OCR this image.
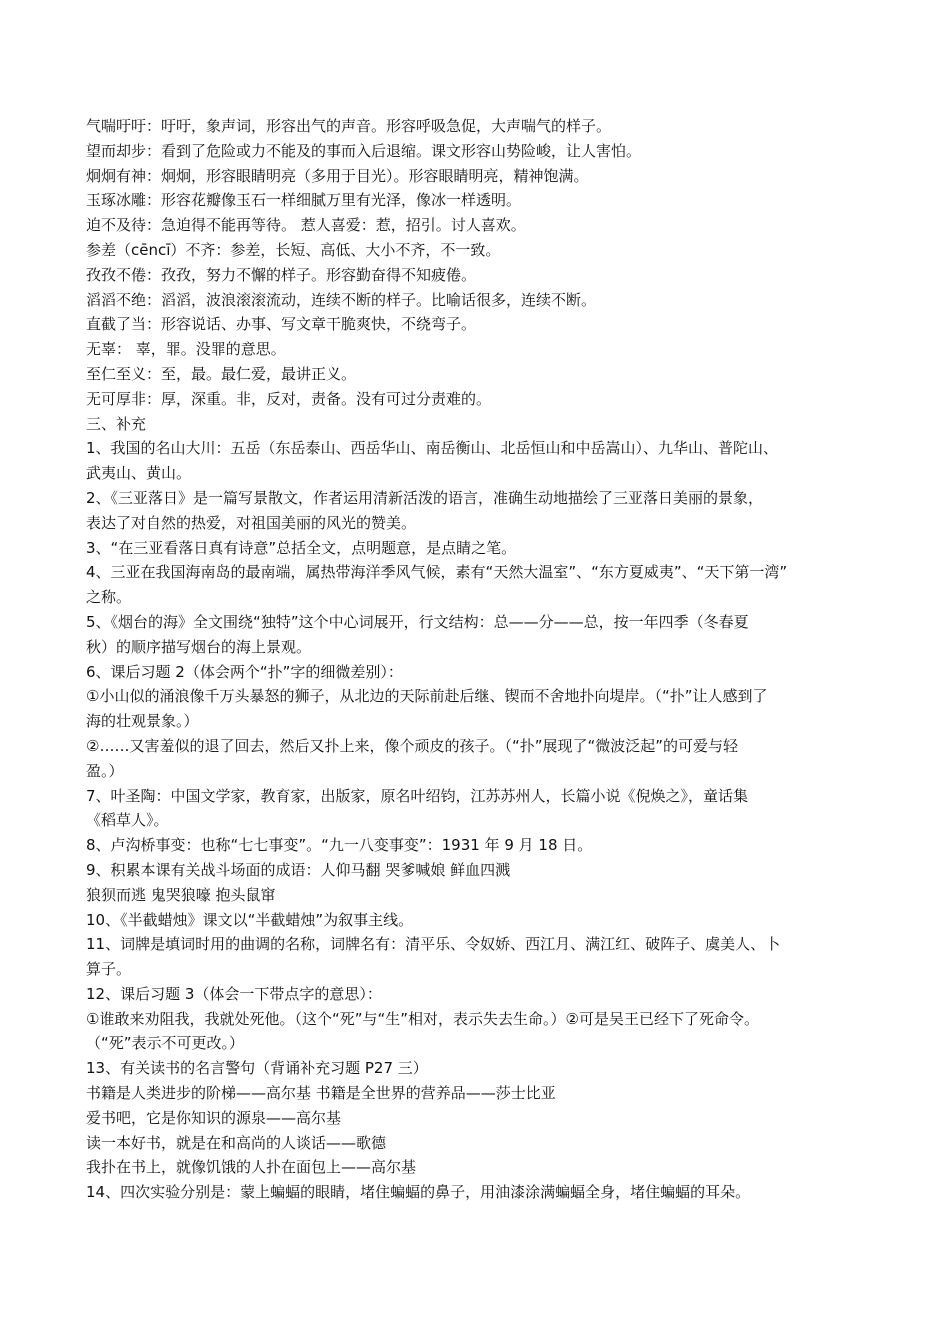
气喘吁吁：吁吁，象声词，形容出气的声音。形容呼吸急促，大声喘气的样子。

望而却步：看到了危险或力不能及的事而入后退缩。课文形容山势险峻，让人害怕。

炯炯有神：炯炯，形容眼睛明亮（多用于目光）。形容眼睛明亮，精神饱满。

玉琢冰雕：形容花瓣像玉石一样细腻万里有光泽，像冰一样透明。

迫不及待：急迫得不能再等待。 惹人喜爱：惹，招引。讨人喜欢。

参差（cēncī）不齐：参差，长短、高低、大小不齐，不一致。

孜孜不倦：孜孜，努力不懈的样子。形容勤奋得不知疲倦。

滔滔不绝：滔滔，波浪滚滚流动，连续不断的样子。比喻话很多，连续不断。

直截了当：形容说话、办事、写文章干脆爽快，不绕弯子。

无辜： 辜，罪。没罪的意思。

至仁至义：至，最。最仁爱，最讲正义。

无可厚非：厚，深重。非，反对，责备。没有可过分责难的。

三、补充

1、我国的名山大川：五岳（东岳泰山、西岳华山、南岳衡山、北岳恒山和中岳嵩山）、九华山、普陀山、

武夷山、黄山。

2、《三亚落日》是一篇写景散文，作者运用清新活泼的语言，准确生动地描绘了三亚落日美丽的景象，

表达了对自然的热爱，对祖国美丽的风光的赞美。

3、“在三亚看落日真有诗意”总括全文，点明题意，是点睛之笔。

4、三亚在我国海南岛的最南端，属热带海洋季风气候，素有“天然大温室”、“东方夏威夷”、“天下第一湾”

之称。

5、《烟台的海》全文围绕“独特”这个中心词展开，行文结构：总——分——总，按一年四季（冬春夏

秋）的顺序描写烟台的海上景观。

6、课后习题 2（体会两个“扑”字的细微差别）：

①小山似的涌浪像千万头暴怒的狮子，从北边的天际前赴后继、锲而不舍地扑向堤岸。（“扑”让人感到了

海的壮观景象。）

②……又害羞似的退了回去，然后又扑上来，像个顽皮的孩子。（“扑”展现了“微波泛起”的可爱与轻

盈。）

7、叶圣陶：中国文学家，教育家，出版家，原名叶绍钧，江苏苏州人，长篇小说《倪焕之》，童话集

《稻草人》。

8、卢沟桥事变：也称“七七事变”。“九一八变事变”：1931 年 9 月 18 日。

9、积累本课有关战斗场面的成语：人仰马翻 哭爹喊娘 鲜血四溅

狼狈而逃 鬼哭狼嚎 抱头鼠窜

10、《半截蜡烛》课文以“半截蜡烛”为叙事主线。

11、词牌是填词时用的曲调的名称，词牌名有：清平乐、令奴娇、西江月、满江红、破阵子、虞美人、卜

算子。

12、课后习题 3（体会一下带点字的意思）：

①谁敢来劝阻我，我就处死他。（这个“死”与“生”相对，表示失去生命。）②可是吴王已经下了死命令。

（“死”表示不可更改。）

13、有关读书的名言警句（背诵补充习题 P27 三）

书籍是人类进步的阶梯——高尔基 书籍是全世界的营养品——莎士比亚

爱书吧，它是你知识的源泉——高尔基

读一本好书，就是在和高尚的人谈话——歌德

我扑在书上，就像饥饿的人扑在面包上——高尔基

14、四次实验分别是：蒙上蝙蝠的眼睛，堵住蝙蝠的鼻子，用油漆涂满蝙蝠全身，堵住蝙蝠的耳朵。
